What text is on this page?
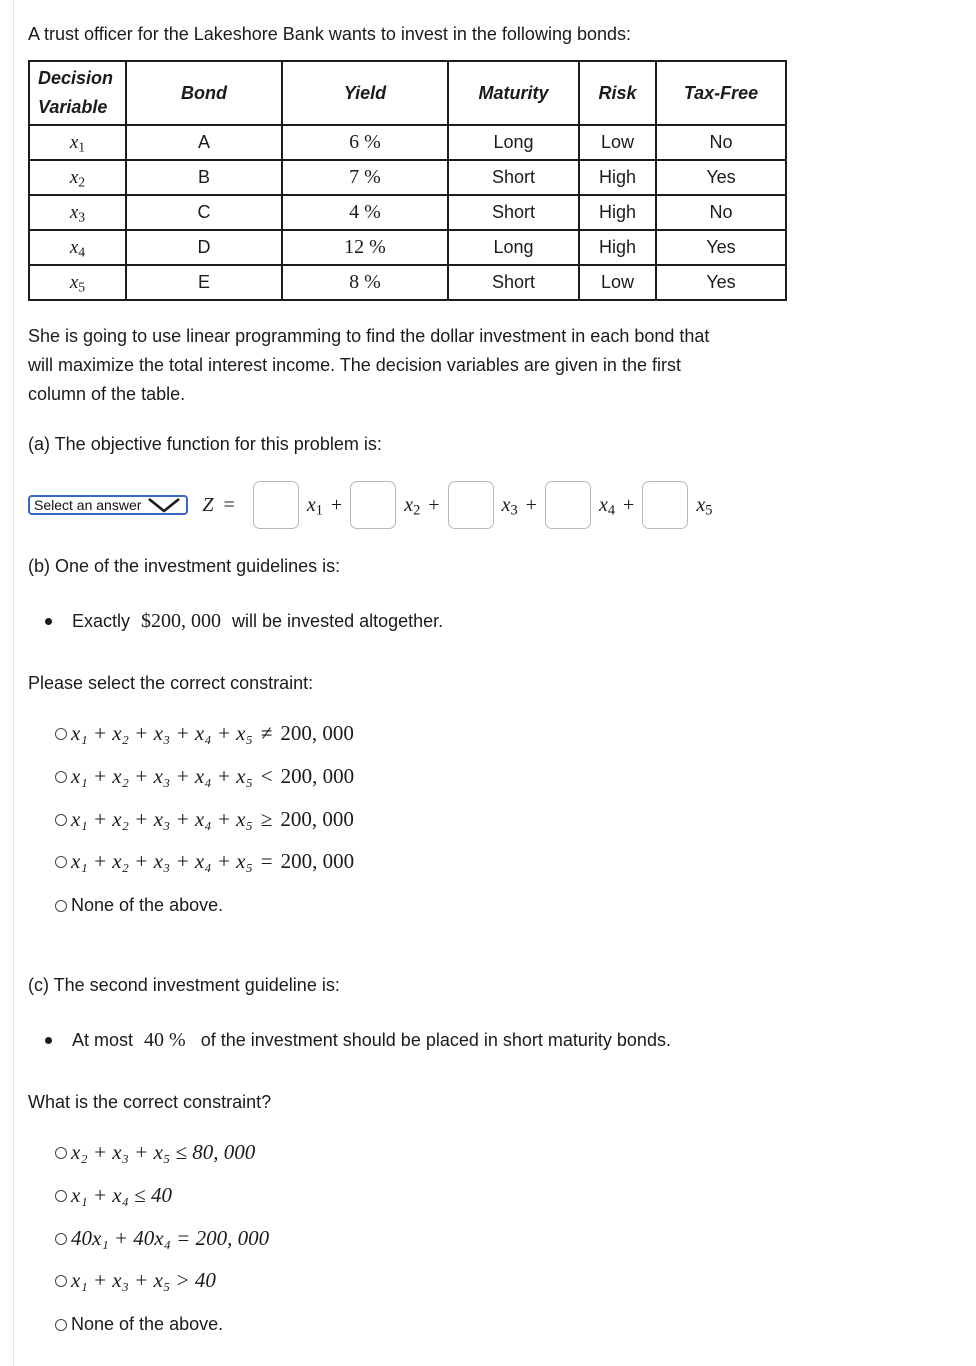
A trust officer for the Lakeshore Bank wants to invest in the following bonds:
Decision
Variable	Bond	Yield	Maturity	Risk	Tax-Free
$x_1$	A	6 %	Long	Low	No
$x_2$	B	7 %	Short	High	Yes
$x_3$	C	4 %	Short	High	No
$x_4$	D	12 %	Long	High	Yes
$x_5$	E	8 %	Short	Low	Yes
She is going to use linear programming to find the dollar investment in each bond that
will maximize the total interest income. The decision variables are given in the first
column of the table.
(a) The objective function for this problem is:
Select an answer	Z =	$x_1$ +	$x_2$ +	$x_3$ +	$x_4$ +	$x_5$
(b) One of the investment guidelines is:
Exactly $200, 000 will be invested altogether.
Please select the correct constraint:
x₁ + x₂ + x₃ + x₄ + x₅ ≠ 200, 000
x₁ + x₂ + x₃ + x₄ + x₅ < 200, 000
x₁ + x₂ + x₃ + x₄ + x₅ ≥ 200, 000
x₁ + x₂ + x₃ + x₄ + x₅ = 200, 000
None of the above.
(c) The second investment guideline is:
At most 40 % of the investment should be placed in short maturity bonds.
What is the correct constraint?
x₂ + x₃ + x₅ ≤ 80, 000
x₁ + x₄ ≤ 40
40x₁ + 40x₄ = 200, 000
x₁ + x₃ + x₅ > 40
None of the above.
